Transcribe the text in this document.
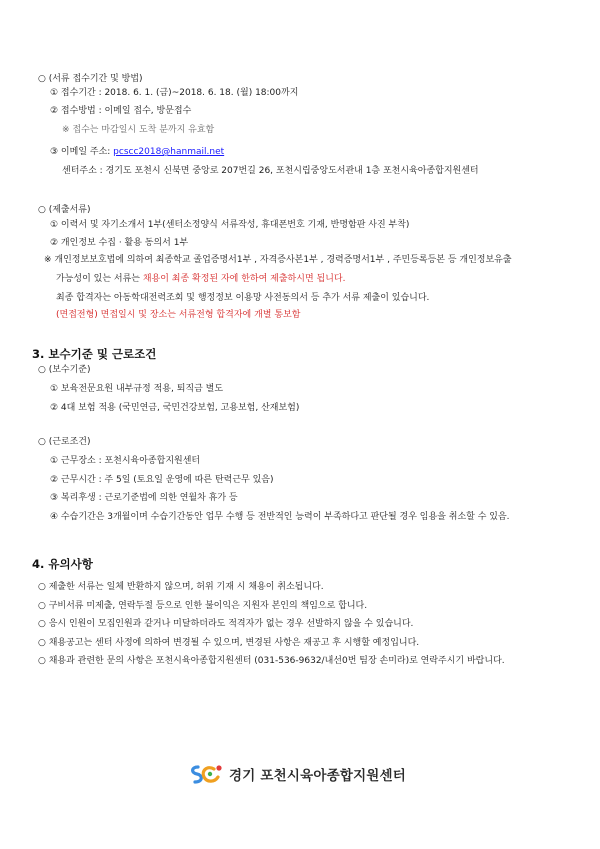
○ (서류 접수기간 및 방법)
① 접수기간 : 2018. 6. 1. (금)~2018. 6. 18. (월) 18:00까지
② 접수방법 : 이메일 접수, 방문접수
※ 접수는 마감일시 도착 분까지 유효함
③ 이메일 주소: pcscc2018@hanmail.net
센터주소 : 경기도 포천시 신북면 중앙로 207번길 26, 포천시립중앙도서관내 1층 포천시육아종합지원센터
○ (제출서류)
① 이력서 및 자기소개서 1부(센터소정양식 서류작성, 휴대폰번호 기재, 반명함판 사진 부착)
② 개인정보 수집 · 활용 동의서 1부
※ 개인정보보호법에 의하여 최종학교 졸업증명서1부 , 자격증사본1부 , 경력증명서1부 , 주민등록등본 등 개인정보유출
가능성이 있는 서류는 채용이 최종 확정된 자에 한하여 제출하시면 됩니다.
최종 합격자는 아동학대전력조회 및 행정정보 이용망 사전동의서 등 추가 서류 제출이 있습니다.
(면접전형) 면접일시 및 장소는 서류전형 합격자에 개별 통보함
3. 보수기준 및 근로조건
○ (보수기준)
① 보육전문요원 내부규정 적용, 퇴직금 별도
② 4대 보험 적용 (국민연금, 국민건강보험, 고용보험, 산재보험)
○ (근로조건)
① 근무장소 : 포천시육아종합지원센터
② 근무시간 : 주 5일 (토요일 운영에 따른 탄력근무 있음)
③ 복리후생 : 근로기준법에 의한 연월차 휴가 등
④ 수습기간은 3개월이며 수습기간동안 업무 수행 등 전반적인 능력이 부족하다고 판단될 경우 임용을 취소할 수 있음.
4. 유의사항
○ 제출한 서류는 일체 반환하지 않으며, 허위 기재 시 채용이 취소됩니다.
○ 구비서류 미제출, 연락두절 등으로 인한 불이익은 지원자 본인의 책임으로 합니다.
○ 응시 인원이 모집인원과 같거나 미달하더라도 적격자가 없는 경우 선발하지 않을 수 있습니다.
○ 채용공고는 센터 사정에 의하여 변경될 수 있으며, 변경된 사항은 재공고 후 시행할 예정입니다.
○ 채용과 관련한 문의 사항은 포천시육아종합지원센터 (031-536-9632/내선0번 팀장 손미라)로 연락주시기 바랍니다.
경기 포천시육아종합지원센터
